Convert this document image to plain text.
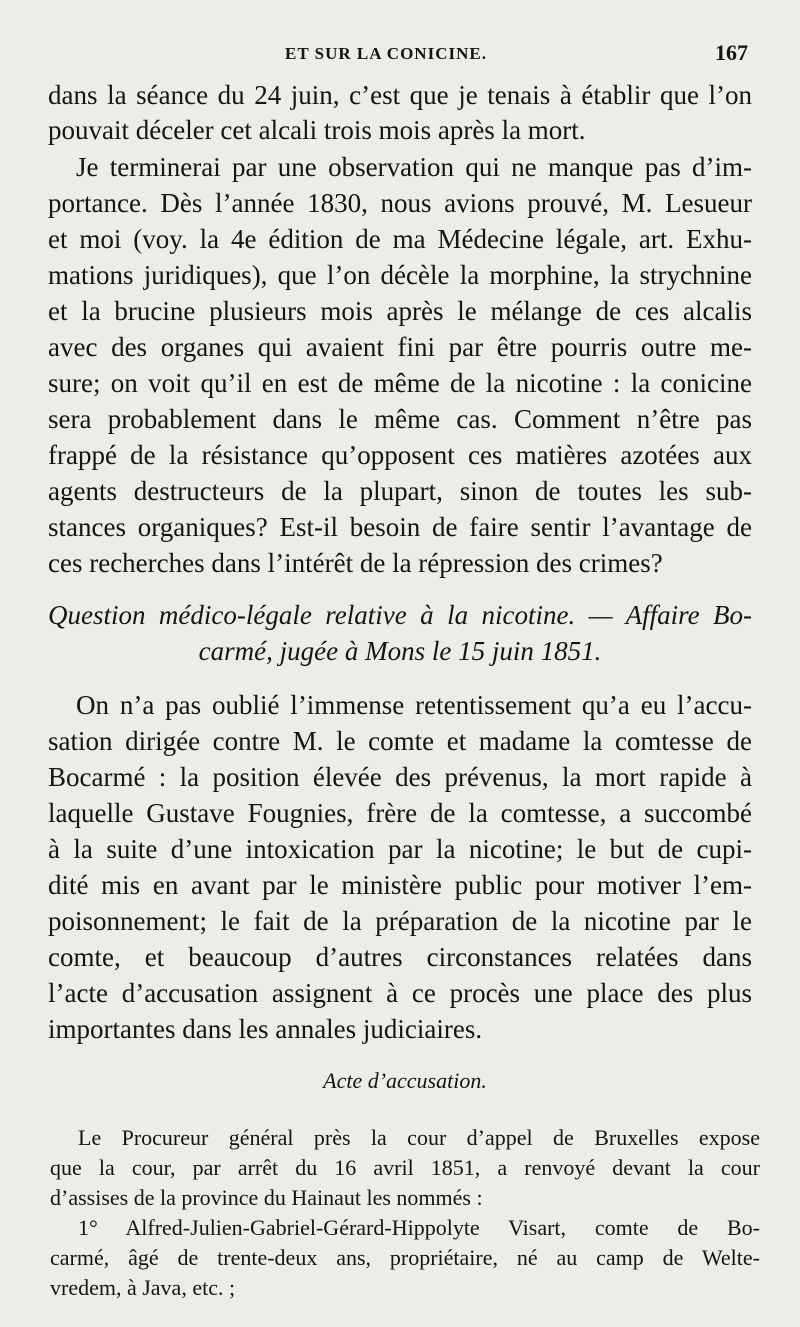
ET SUR LA CONICINE.	167
dans la séance du 24 juin, c’est que je tenais à établir que l’on
pouvait déceler cet alcali trois mois après la mort.
Je terminerai par une observation qui ne manque pas d’im-
portance. Dès l’année 1830, nous avions prouvé, M. Lesueur
et moi (voy. la 4e édition de ma Médecine légale, art. Exhu-
mations juridiques), que l’on décèle la morphine, la strychnine
et la brucine plusieurs mois après le mélange de ces alcalis
avec des organes qui avaient fini par être pourris outre me-
sure; on voit qu’il en est de même de la nicotine : la conicine
sera probablement dans le même cas. Comment n’être pas
frappé de la résistance qu’opposent ces matières azotées aux
agents destructeurs de la plupart, sinon de toutes les sub-
stances organiques? Est-il besoin de faire sentir l’avantage de
ces recherches dans l’intérêt de la répression des crimes?
Question médico-légale relative à la nicotine. — Affaire Bo-
carmé, jugée à Mons le 15 juin 1851.
On n’a pas oublié l’immense retentissement qu’a eu l’accu-
sation dirigée contre M. le comte et madame la comtesse de
Bocarmé : la position élevée des prévenus, la mort rapide à
laquelle Gustave Fougnies, frère de la comtesse, a succombé
à la suite d’une intoxication par la nicotine; le but de cupi-
dité mis en avant par le ministère public pour motiver l’em-
poisonnement; le fait de la préparation de la nicotine par le
comte, et beaucoup d’autres circonstances relatées dans
l’acte d’accusation assignent à ce procès une place des plus
importantes dans les annales judiciaires.
Acte d’accusation.
Le Procureur général près la cour d’appel de Bruxelles expose
que la cour, par arrêt du 16 avril 1851, a renvoyé devant la cour
d’assises de la province du Hainaut les nommés :
1° Alfred-Julien-Gabriel-Gérard-Hippolyte Visart, comte de Bo-
carmé, âgé de trente-deux ans, propriétaire, né au camp de Welte-
vredem, à Java, etc. ;
